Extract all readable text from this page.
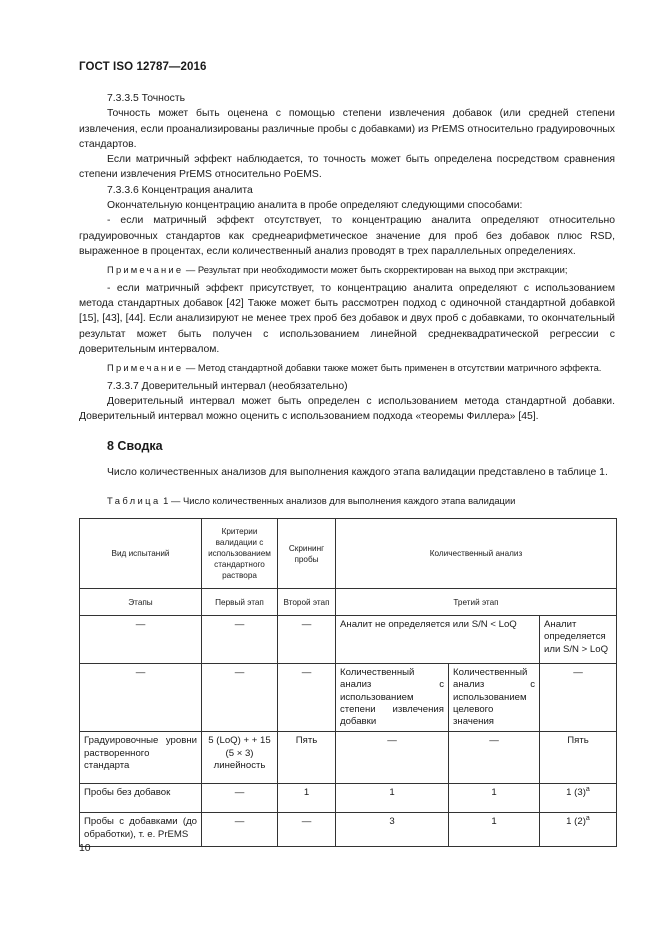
ГОСТ ISO 12787—2016

7.3.3.5 Точность

Точность может быть оценена с помощью степени извлечения добавок (или средней степени извлечения, если проанализированы различные пробы с добавками) из PrEMS относительно градуировочных стандартов.

Если матричный эффект наблюдается, то точность может быть определена посредством сравнения степени извлечения PrEMS относительно PoEMS.

7.3.3.6 Концентрация аналита

Окончательную концентрацию аналита в пробе определяют следующими способами:

- если матричный эффект отсутствует, то концентрацию аналита определяют относительно градуировочных стандартов как среднеарифметическое значение для проб без добавок плюс RSD, выраженное в процентах, если количественный анализ проводят в трех параллельных определениях.

Примечание — Результат при необходимости может быть скорректирован на выход при экстракции;

- если матричный эффект присутствует, то концентрацию аналита определяют с использованием метода стандартных добавок [42] Также может быть рассмотрен подход с одиночной стандартной добавкой [15], [43], [44]. Если анализируют не менее трех проб без добавок и двух проб с добавками, то окончательный результат может быть получен с использованием линейной среднеквадратической регрессии с доверительным интервалом.

Примечание — Метод стандартной добавки также может быть применен в отсутствии матричного эффекта.

7.3.3.7 Доверительный интервал (необязательно)

Доверительный интервал может быть определен с использованием метода стандартной добавки. Доверительный интервал можно оценить с использованием подхода «теоремы Филлера» [45].

8 Сводка

Число количественных анализов для выполнения каждого этапа валидации представлено в таблице 1.

Таблица 1 — Число количественных анализов для выполнения каждого этапа валидации

Вид испытаний	Критерии валидации с использованием стандартного раствора	Скрининг пробы	Количественный анализ		
Этапы	Первый этап	Второй этап	Третий этап		
—	—	—	Аналит не определяется или S/N < LoQ		Аналит определяется или S/N > LoQ
—	—	—	Количественный анализ с использованием степени извлечения добавки	Количественный анализ с использованием целевого значения	—
Градуировочные уровни растворенного стандарта	5 (LoQ) + + 15 (5 × 3) линейность	Пять	—	—	Пять
Пробы без добавок	—	1	1	1	1 $(3)^a$
Пробы с добавками (до обработки), т. е. PrEMS	—	—	3	1	1 $(2)^a$
10
